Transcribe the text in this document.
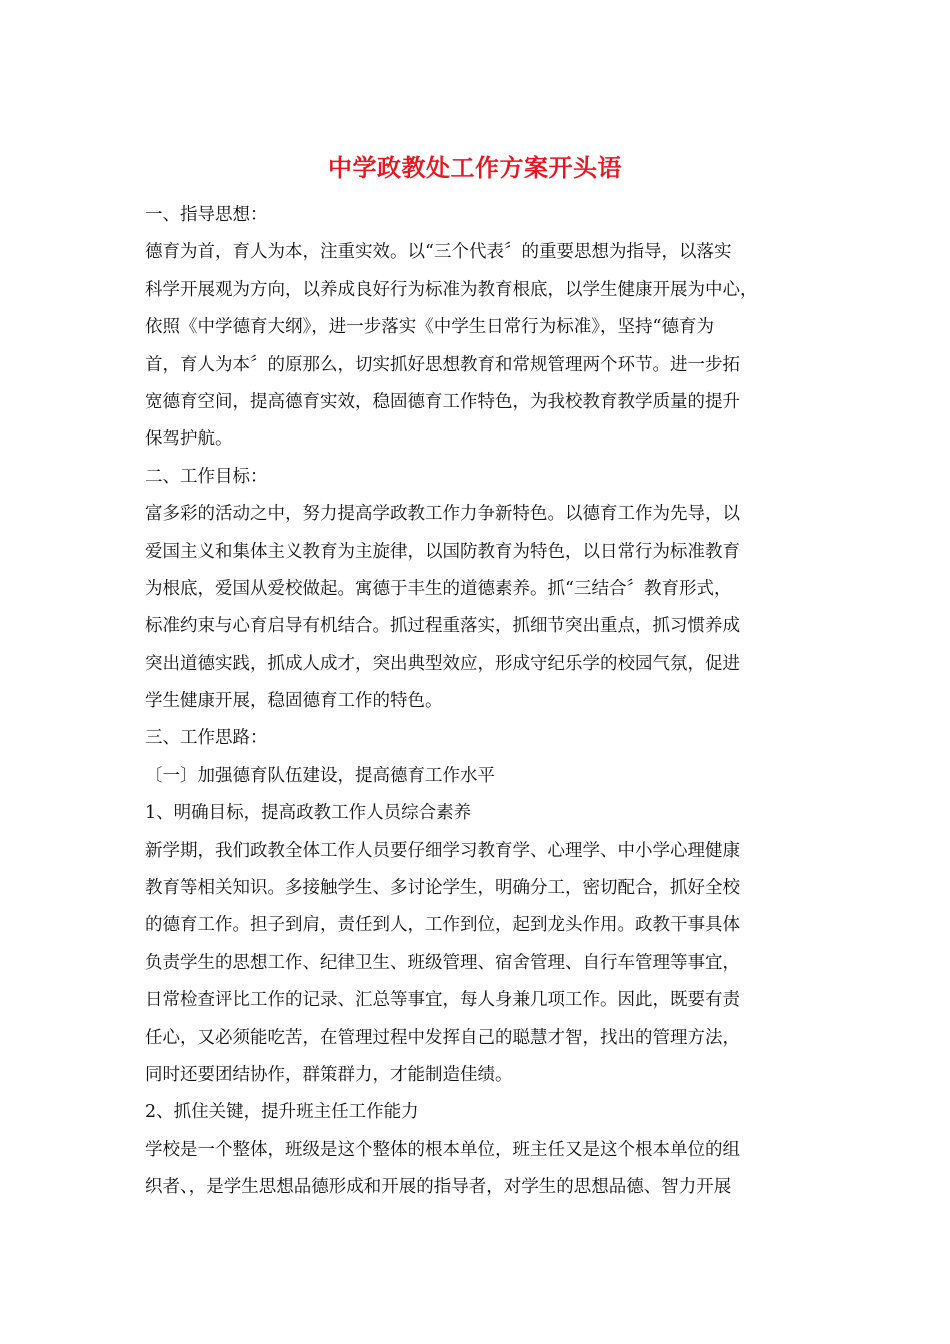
中学政教处工作方案开头语
一、指导思想：
德育为首，育人为本，注重实效。以“三个代表〞的重要思想为指导，以落实
科学开展观为方向，以养成良好行为标准为教育根底，以学生健康开展为中心，
依照《中学德育大纲》，进一步落实《中学生日常行为标准》，坚持“德育为
首，育人为本〞的原那么，切实抓好思想教育和常规管理两个环节。进一步拓
宽德育空间，提高德育实效，稳固德育工作特色，为我校教育教学质量的提升
保驾护航。
二、工作目标：
富多彩的活动之中，努力提高学政教工作力争新特色。以德育工作为先导，以
爱国主义和集体主义教育为主旋律，以国防教育为特色，以日常行为标准教育
为根底，爱国从爱校做起。寓德于丰生的道德素养。抓“三结合〞教育形式，
标准约束与心育启导有机结合。抓过程重落实，抓细节突出重点，抓习惯养成
突出道德实践，抓成人成才，突出典型效应，形成守纪乐学的校园气氛，促进
学生健康开展，稳固德育工作的特色。
三、工作思路：
〔一〕加强德育队伍建设，提高德育工作水平
1、明确目标，提高政教工作人员综合素养
新学期，我们政教全体工作人员要仔细学习教育学、心理学、中小学心理健康
教育等相关知识。多接触学生、多讨论学生，明确分工，密切配合，抓好全校
的德育工作。担子到肩，责任到人，工作到位，起到龙头作用。政教干事具体
负责学生的思想工作、纪律卫生、班级管理、宿舍管理、自行车管理等事宜，
日常检查评比工作的记录、汇总等事宜，每人身兼几项工作。因此，既要有责
任心，又必须能吃苦，在管理过程中发挥自己的聪慧才智，找出的管理方法，
同时还要团结协作，群策群力，才能制造佳绩。
2、抓住关键，提升班主任工作能力
学校是一个整体，班级是这个整体的根本单位，班主任又是这个根本单位的组
织者、，是学生思想品德形成和开展的指导者，对学生的思想品德、智力开展
